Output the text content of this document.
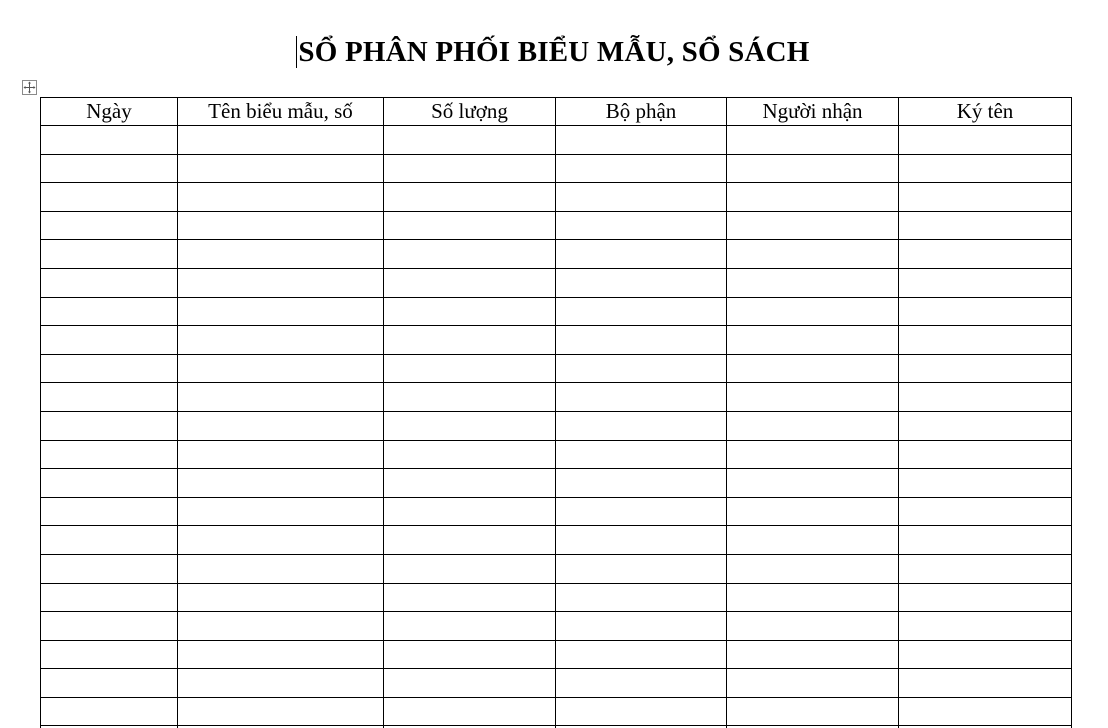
SỔ PHÂN PHỐI BIỂU MẪU, SỔ SÁCH
Ngày	Tên biểu mẫu, số	Số lượng	Bộ phận	Người nhận	Ký tên
